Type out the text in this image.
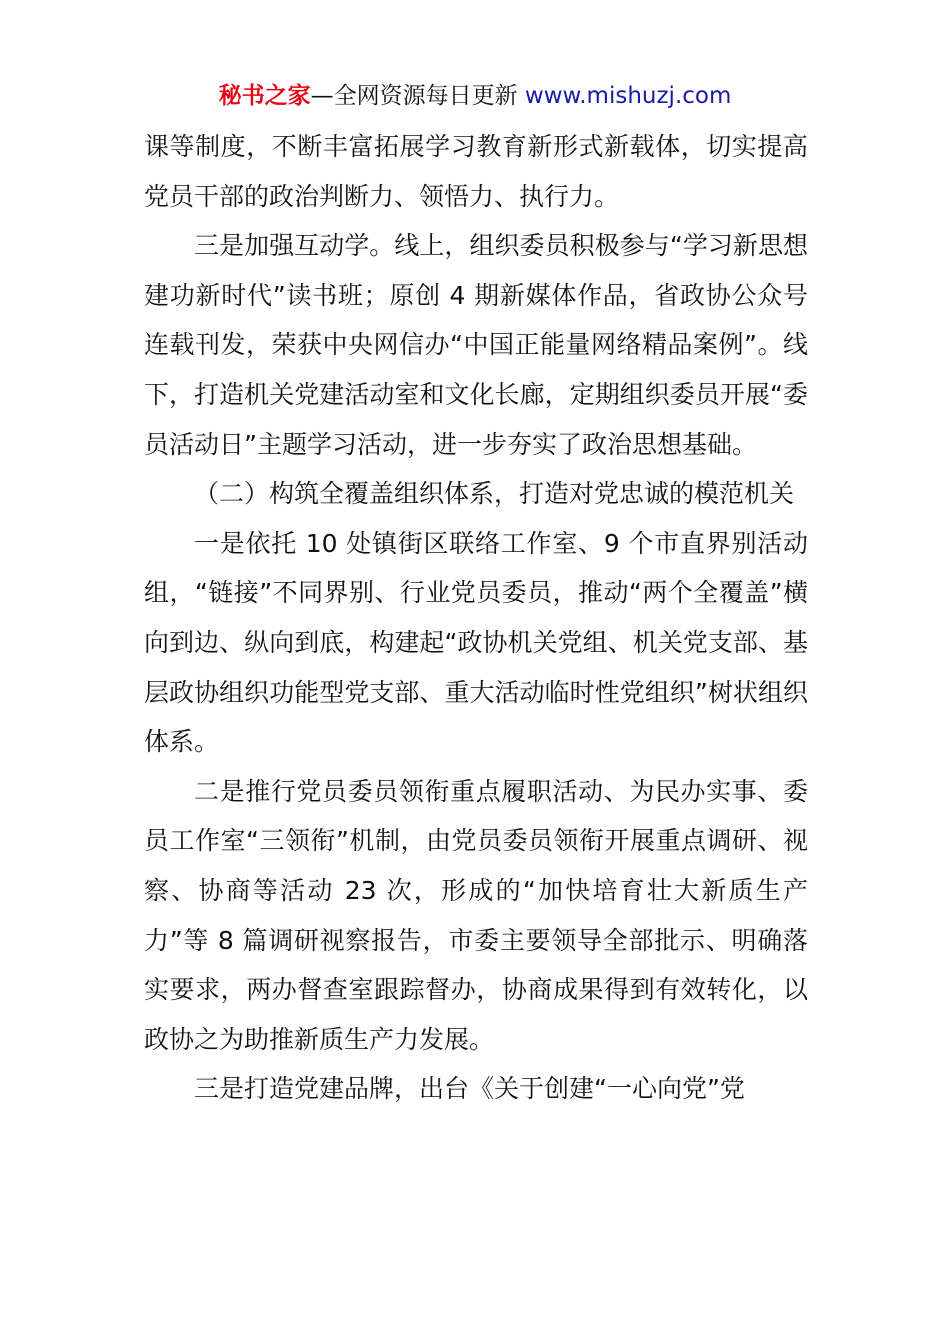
秘书之家—全网资源每日更新 www.mishuzj.com

课等制度，不断丰富拓展学习教育新形式新载体，切实提高党员干部的政治判断力、领悟力、执行力。

三是加强互动学。线上，组织委员积极参与“学习新思想 建功新时代”读书班；原创 4 期新媒体作品，省政协公众号连载刊发，荣获中央网信办“中国正能量网络精品案例”。线下，打造机关党建活动室和文化长廊，定期组织委员开展“委员活动日”主题学习活动，进一步夯实了政治思想基础。

（二）构筑全覆盖组织体系，打造对党忠诚的模范机关

一是依托 10 处镇街区联络工作室、9 个市直界别活动组，“链接”不同界别、行业党员委员，推动“两个全覆盖”横向到边、纵向到底，构建起“政协机关党组、机关党支部、基层政协组织功能型党支部、重大活动临时性党组织”树状组织体系。

二是推行党员委员领衔重点履职活动、为民办实事、委员工作室“三领衔”机制，由党员委员领衔开展重点调研、视察、协商等活动 23 次，形成的“加快培育壮大新质生产力”等 8 篇调研视察报告，市委主要领导全部批示、明确落实要求，两办督查室跟踪督办，协商成果得到有效转化，以政协之为助推新质生产力发展。

三是打造党建品牌，出台《关于创建“一心向党”党
